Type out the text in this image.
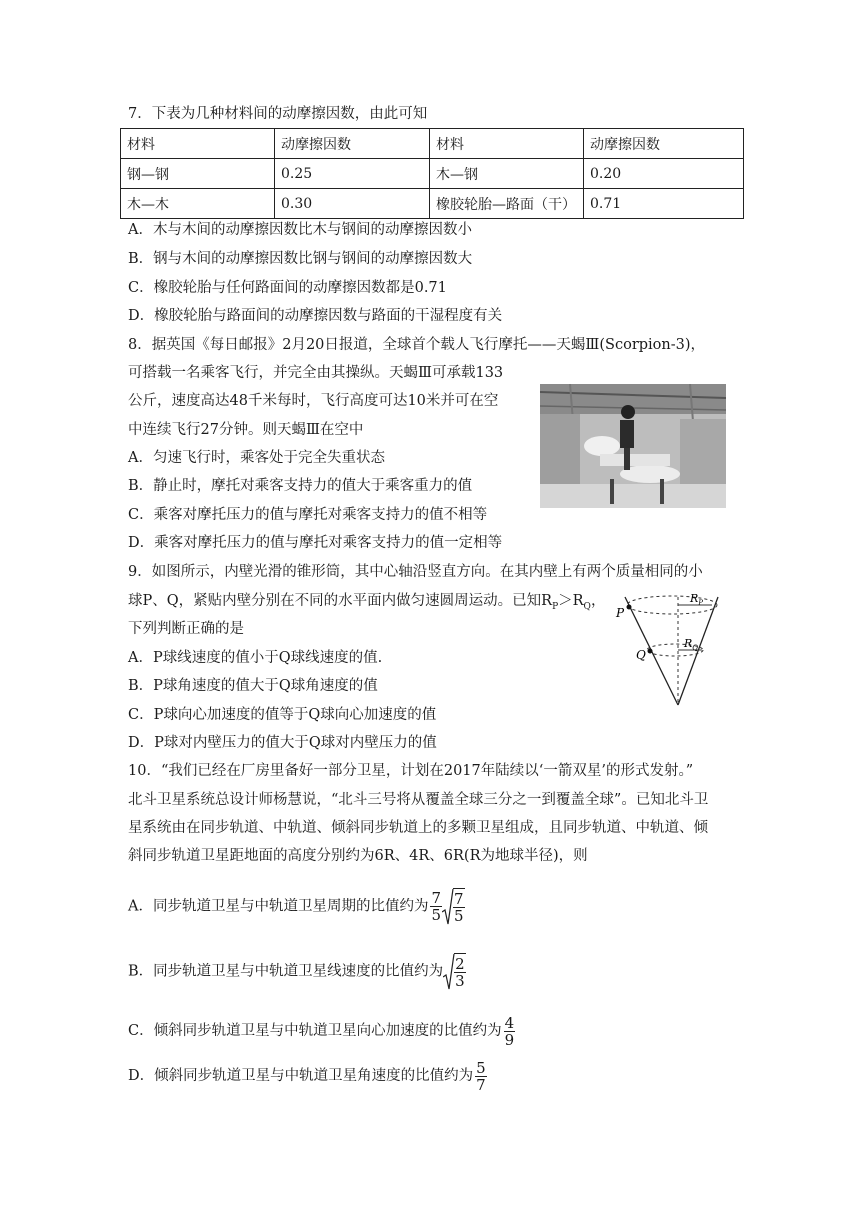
7．下表为几种材料间的动摩擦因数，由此可知
材料	动摩擦因数	材料	动摩擦因数
钢—钢	0.25	木—钢	0.20
木—木	0.30	橡胶轮胎—路面（干）	0.71
A．木与木间的动摩擦因数比木与钢间的动摩擦因数小
B．钢与木间的动摩擦因数比钢与钢间的动摩擦因数大
C．橡胶轮胎与任何路面间的动摩擦因数都是0.71
D．橡胶轮胎与路面间的动摩擦因数与路面的干湿程度有关
8．据英国《每日邮报》2月20日报道，全球首个载人飞行摩托——天蝎Ⅲ(Scorpion-3)，
可搭载一名乘客飞行，并完全由其操纵。天蝎Ⅲ可承载133
公斤，速度高达48千米每时，飞行高度可达10米并可在空
中连续飞行27分钟。则天蝎Ⅲ在空中
A．匀速飞行时，乘客处于完全失重状态
B．静止时，摩托对乘客支持力的值大于乘客重力的值
C．乘客对摩托压力的值与摩托对乘客支持力的值不相等
D．乘客对摩托压力的值与摩托对乘客支持力的值一定相等
9．如图所示，内壁光滑的锥形筒，其中心轴沿竖直方向。在其内壁上有两个质量相同的小
球P、Q，紧贴内壁分别在不同的水平面内做匀速圆周运动。已知$R_P>R_Q$，
下列判断正确的是
A．P球线速度的值小于Q球线速度的值.
B．P球角速度的值大于Q球角速度的值
C．P球向心加速度的值等于Q球向心加速度的值
D．P球对内壁压力的值大于Q球对内壁压力的值
P
Q
$R_P$
$R_Q$
10．“我们已经在厂房里备好一部分卫星，计划在2017年陆续以‘一箭双星’的形式发射。”
北斗卫星系统总设计师杨慧说，“北斗三号将从覆盖全球三分之一到覆盖全球”。已知北斗卫
星系统由在同步轨道、中轨道、倾斜同步轨道上的多颗卫星组成，且同步轨道、中轨道、倾
斜同步轨道卫星距地面的高度分别约为6R、4R、6R(R为地球半径)，则
A．同步轨道卫星与中轨道卫星周期的比值约为 $\frac{7}{5} \frac{7}{5}$
B．同步轨道卫星与中轨道卫星线速度的比值约为 $\frac{2}{3}$
C．倾斜同步轨道卫星与中轨道卫星向心加速度的比值约为 $\frac{4}{9}$
D．倾斜同步轨道卫星与中轨道卫星角速度的比值约为 $\frac{5}{7}$
